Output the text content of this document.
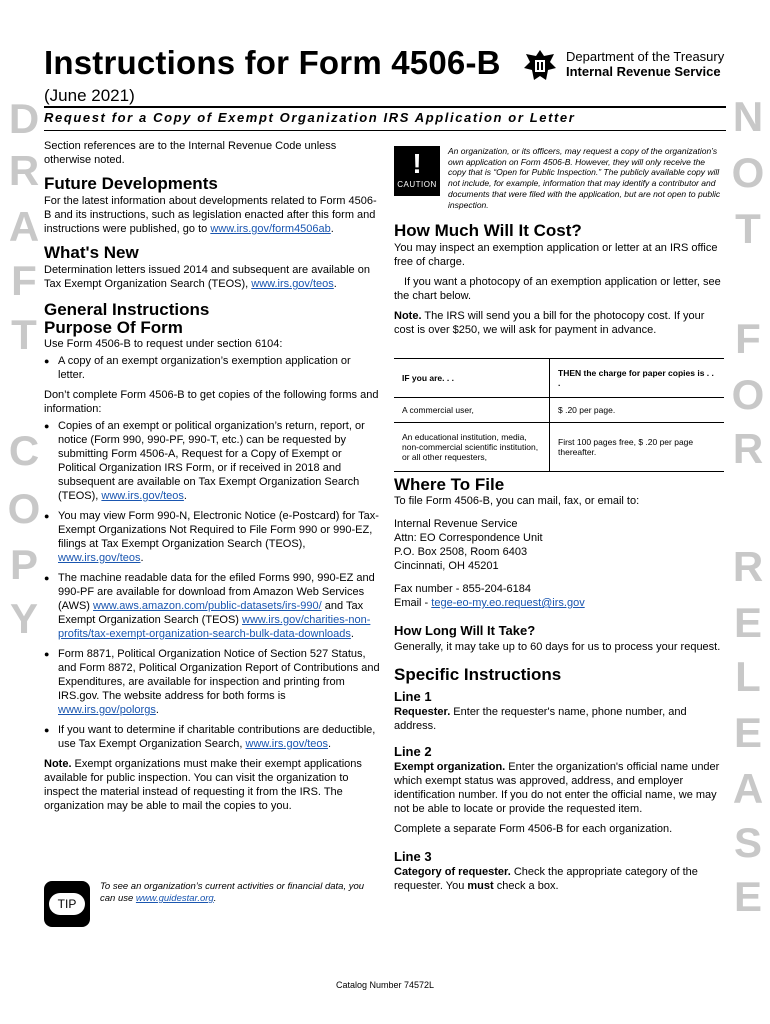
Instructions for Form 4506-B	Department of the Treasury
Internal Revenue Service
(June 2021)
Request for a Copy of Exempt Organization IRS Application or Letter
D
R
A
F
T
C
O
P
Y
N
O
T
F
O
R
R
E
L
E
A
S
E

Section references are to the Internal Revenue Code unless otherwise noted.

Future Developments

For the latest information about developments related to Form 4506-B and its instructions, such as legislation enacted after this form and instructions were published, go to www.irs.gov/form4506ab.

What's New

Determination letters issued 2014 and subsequent are available on Tax Exempt Organization Search (TEOS), www.irs.gov/teos.

General Instructions
Purpose Of Form

Use Form 4506-B to request under section 6104:

● A copy of an exempt organization’s exemption application or letter.

Don’t complete Form 4506-B to get copies of the following forms and information:

● Copies of an exempt or political organization’s return, report, or notice (Form 990, 990-PF, 990-T, etc.) can be requested by submitting Form 4506-A, Request for a Copy of Exempt or Political Organization IRS Form, or if received in 2018 and subsequent are available on Tax Exempt Organization Search (TEOS), www.irs.gov/teos.
● You may view Form 990-N, Electronic Notice (e-Postcard) for Tax-Exempt Organizations Not Required to File Form 990 or 990-EZ, filings at Tax Exempt Organization Search (TEOS), www.irs.gov/teos.
● The machine readable data for the efiled Forms 990, 990-EZ and 990-PF are available for download from Amazon Web Services (AWS) www.aws.amazon.com/public-datasets/irs-990/ and Tax Exempt Organization Search (TEOS) www.irs.gov/charities-non-profits/tax-exempt-organization-search-bulk-data-downloads.
● Form 8871, Political Organization Notice of Section 527 Status, and Form 8872, Political Organization Report of Contributions and Expenditures, are available for inspection and printing from IRS.gov. The website address for both forms is www.irs.gov/polorgs.
● If you want to determine if charitable contributions are deductible, use Tax Exempt Organization Search, www.irs.gov/teos.

Note. Exempt organizations must make their exempt applications available for public inspection. You can visit the organization to inspect the material instead of requesting it from the IRS. The organization may be able to mail the copies to you.

TIP
To see an organization’s current activities or financial data, you can use www.guidestar.org.
!
CAUTION
An organization, or its officers, may request a copy of the organization’s own application on Form 4506-B. However, they will only receive the copy that is “Open for Public Inspection.” The publicly available copy will not include, for example, information that may identify a contributor and documents that were filed with the application, but are not open to public inspection.
How Much Will It Cost?

You may inspect an exemption application or letter at an IRS office free of charge.

If you want a photocopy of an exemption application or letter, see the chart below.

Note. The IRS will send you a bill for the photocopy cost. If your cost is over $250, we will ask for payment in advance.

IF you are. . .	THEN the charge for paper copies is . . .
A commercial user,	$ .20 per page.
An educational institution, media, non-commercial scientific institution, or all other requesters,	First 100 pages free, $ .20 per page thereafter.
Where To File

To file Form 4506-B, you can mail, fax, or email to:

Internal Revenue Service

Attn: EO Correspondence Unit

P.O. Box 2508, Room 6403

Cincinnati, OH 45201

Fax number - 855-204-6184

Email - tege-eo-my.eo.request@irs.gov

How Long Will It Take?

Generally, it may take up to 60 days for us to process your request.

Specific Instructions
Line 1

Requester. Enter the requester's name, phone number, and address.

Line 2

Exempt organization. Enter the organization's official name under which exempt status was approved, address, and employer identification number. If you do not enter the official name, we may not be able to locate or provide the requested item.

Complete a separate Form 4506-B for each organization.

Line 3

Category of requester. Check the appropriate category of the requester. You must check a box.

Catalog Number 74572L
